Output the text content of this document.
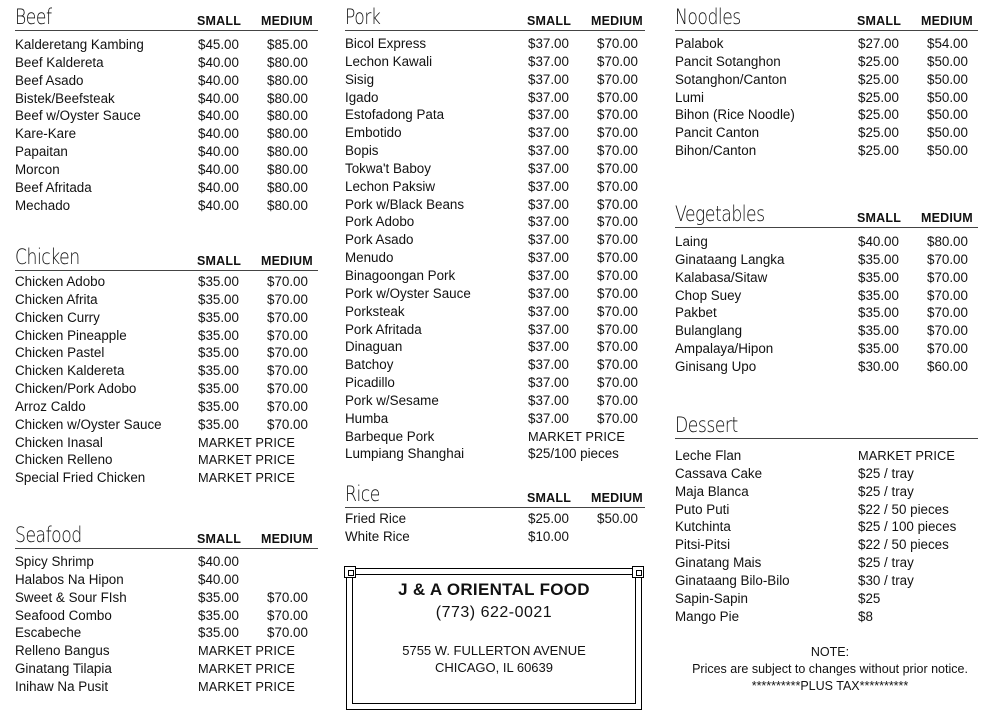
Beef	SMALL MEDIUM
Kalderetang Kambing	$45.00 $85.00
Beef Kaldereta	$40.00 $80.00
Beef Asado	$40.00 $80.00
Bistek/Beefsteak	$40.00 $80.00
Beef w/Oyster Sauce	$40.00 $80.00
Kare-Kare	$40.00 $80.00
Papaitan	$40.00 $80.00
Morcon	$40.00 $80.00
Beef Afritada	$40.00 $80.00
Mechado	$40.00 $80.00
Chicken	SMALL MEDIUM
Chicken Adobo	$35.00 $70.00
Chicken Afrita	$35.00 $70.00
Chicken Curry	$35.00 $70.00
Chicken Pineapple	$35.00 $70.00
Chicken Pastel	$35.00 $70.00
Chicken Kaldereta	$35.00 $70.00
Chicken/Pork Adobo	$35.00 $70.00
Arroz Caldo	$35.00 $70.00
Chicken w/Oyster Sauce	$35.00 $70.00
Chicken Inasal	MARKET PRICE
Chicken Relleno	MARKET PRICE
Special Fried Chicken	MARKET PRICE
Seafood	SMALL MEDIUM
Spicy Shrimp	$40.00
Halabos Na Hipon	$40.00
Sweet & Sour FIsh	$35.00 $70.00
Seafood Combo	$35.00 $70.00
Escabeche	$35.00 $70.00
Relleno Bangus	MARKET PRICE
Ginatang Tilapia	MARKET PRICE
Inihaw Na Pusit	MARKET PRICE
Pork	SMALL MEDIUM
Bicol Express	$37.00 $70.00
Lechon Kawali	$37.00 $70.00
Sisig	$37.00 $70.00
Igado	$37.00 $70.00
Estofadong Pata	$37.00 $70.00
Embotido	$37.00 $70.00
Bopis	$37.00 $70.00
Tokwa't Baboy	$37.00 $70.00
Lechon Paksiw	$37.00 $70.00
Pork w/Black Beans	$37.00 $70.00
Pork Adobo	$37.00 $70.00
Pork Asado	$37.00 $70.00
Menudo	$37.00 $70.00
Binagoongan Pork	$37.00 $70.00
Pork w/Oyster Sauce	$37.00 $70.00
Porksteak	$37.00 $70.00
Pork Afritada	$37.00 $70.00
Dinaguan	$37.00 $70.00
Batchoy	$37.00 $70.00
Picadillo	$37.00 $70.00
Pork w/Sesame	$37.00 $70.00
Humba	$37.00 $70.00
Barbeque Pork	MARKET PRICE
Lumpiang Shanghai	$25/100 pieces
Rice	SMALL MEDIUM
Fried Rice	$25.00 $50.00
White Rice	$10.00
J & A ORIENTAL FOOD
(773) 622-0021
5755 W. FULLERTON AVENUE
CHICAGO, IL 60639
Noodles	SMALL MEDIUM
Palabok	$27.00 $54.00
Pancit Sotanghon	$25.00 $50.00
Sotanghon/Canton	$25.00 $50.00
Lumi	$25.00 $50.00
Bihon (Rice Noodle)	$25.00 $50.00
Pancit Canton	$25.00 $50.00
Bihon/Canton	$25.00 $50.00
Vegetables	SMALL MEDIUM
Laing	$40.00 $80.00
Ginataang Langka	$35.00 $70.00
Kalabasa/Sitaw	$35.00 $70.00
Chop Suey	$35.00 $70.00
Pakbet	$35.00 $70.00
Bulanglang	$35.00 $70.00
Ampalaya/Hipon	$35.00 $70.00
Ginisang Upo	$30.00 $60.00
Dessert
Leche Flan	MARKET PRICE
Cassava Cake	$25 / tray
Maja Blanca	$25 / tray
Puto Puti	$22 / 50 pieces
Kutchinta	$25 / 100 pieces
Pitsi-Pitsi	$22 / 50 pieces
Ginatang Mais	$25 / tray
Ginataang Bilo-Bilo	$30 / tray
Sapin-Sapin	$25
Mango Pie	$8
NOTE:
Prices are subject to changes without prior notice.
**********PLUS TAX**********
